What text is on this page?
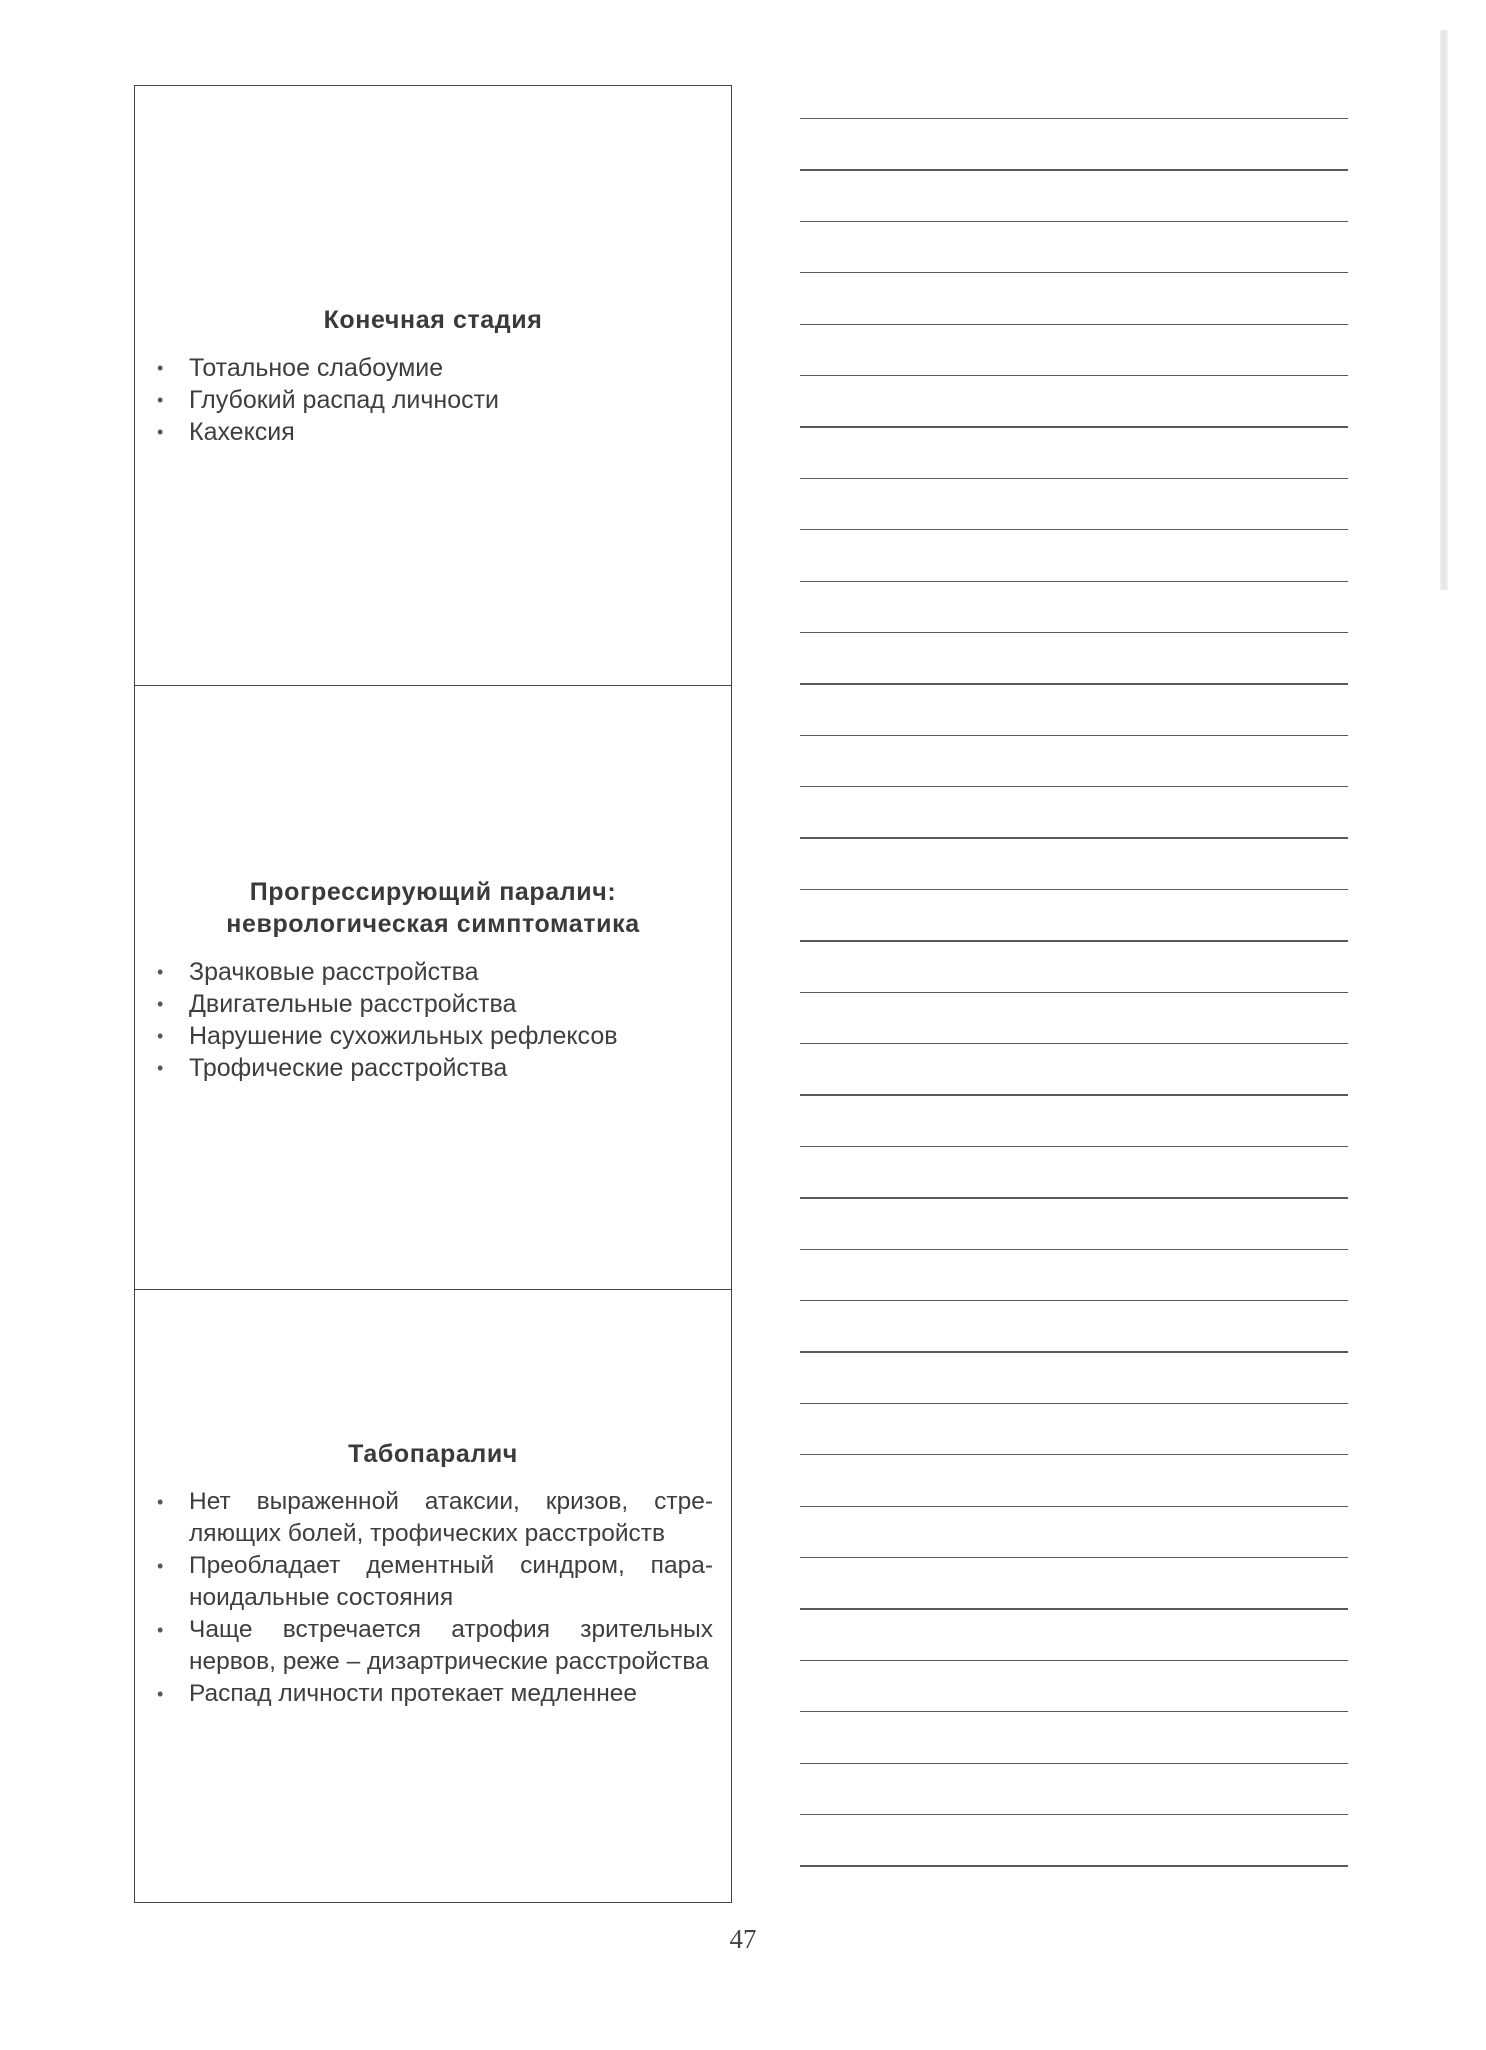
Конечная стадия
• Тотальное слабоумие
• Глубокий распад личности
• Кахексия
Прогрессирующий паралич: неврологическая симптоматика
• Зрачковые расстройства
• Двигательные расстройства
• Нарушение сухожильных рефлексов
• Трофические расстройства
Табопаралич
• Нет выраженной атаксии, кризов, стреляющих болей, трофических расстройств
• Преобладает дементный синдром, параноидальные состояния
• Чаще встречается атрофия зрительных нервов, реже – дизартрические расстройства
• Распад личности протекает медленнее
47
